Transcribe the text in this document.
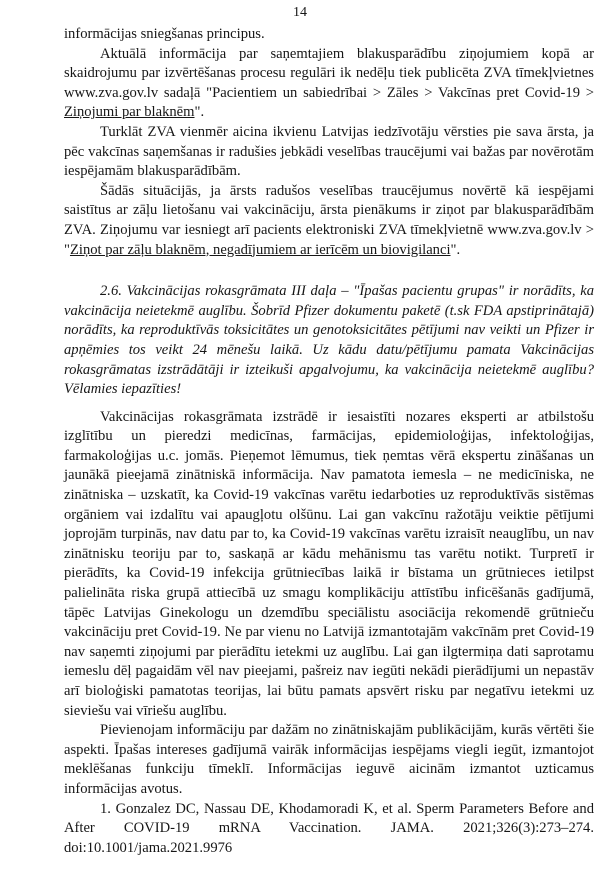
14

informācijas sniegšanas principus.

Aktuālā informācija par saņemtajiem blakusparādību ziņojumiem kopā ar skaidrojumu par izvērtēšanas procesu regulāri ik nedēļu tiek publicēta ZVA tīmekļvietnes www.zva.gov.lv sadaļā "Pacientiem un sabiedrībai > Zāles > Vakcīnas pret Covid-19 > Ziņojumi par blaknēm".

Turklāt ZVA vienmēr aicina ikvienu Latvijas iedzīvotāju vērsties pie sava ārsta, ja pēc vakcīnas saņemšanas ir radušies jebkādi veselības traucējumi vai bažas par novērotām iespējamām blakusparādībām.

Šādās situācijās, ja ārsts radušos veselības traucējumus novērtē kā iespējami saistītus ar zāļu lietošanu vai vakcināciju, ārsta pienākums ir ziņot par blakusparādībām ZVA. Ziņojumu var iesniegt arī pacients elektroniski ZVA tīmekļvietnē www.zva.gov.lv > "Ziņot par zāļu blaknēm, negadījumiem ar ierīcēm un biovigilanci".

2.6. Vakcinācijas rokasgrāmata III daļa – "Īpašas pacientu grupas" ir norādīts, ka vakcinācija neietekmē auglību. Šobrīd Pfizer dokumentu paketē (t.sk FDA apstiprinātajā) norādīts, ka reproduktīvās toksicitātes un genotoksicitātes pētījumi nav veikti un Pfizer ir apņēmies tos veikt 24 mēnešu laikā. Uz kādu datu/pētījumu pamata Vakcinācijas rokasgrāmatas izstrādātāji ir izteikuši apgalvojumu, ka vakcinācija neietekmē auglību? Vēlamies iepazīties!

Vakcinācijas rokasgrāmata izstrādē ir iesaistīti nozares eksperti ar atbilstošu izglītību un pieredzi medicīnas, farmācijas, epidemioloģijas, infektoloģijas, farmakoloģijas u.c. jomās. Pieņemot lēmumus, tiek ņemtas vērā ekspertu zināšanas un jaunākā pieejamā zinātniskā informācija. Nav pamatota iemesla – ne medicīniska, ne zinātniska – uzskatīt, ka Covid-19 vakcīnas varētu iedarboties uz reproduktīvās sistēmas orgāniem vai izdalītu vai apaugļotu olšūnu. Lai gan vakcīnu ražotāju veiktie pētījumi joprojām turpinās, nav datu par to, ka Covid-19 vakcīnas varētu izraisīt neauglību, un nav zinātnisku teoriju par to, saskaņā ar kādu mehānismu tas varētu notikt. Turpretī ir pierādīts, ka Covid-19 infekcija grūtniecības laikā ir bīstama un grūtnieces ietilpst palielināta riska grupā attiecībā uz smagu komplikāciju attīstību inficēšanās gadījumā, tāpēc Latvijas Ginekologu un dzemdību speciālistu asociācija rekomendē grūtnieču vakcināciju pret Covid-19. Ne par vienu no Latvijā izmantotajām vakcīnām pret Covid-19 nav saņemti ziņojumi par pierādītu ietekmi uz auglību. Lai gan ilgtermiņa dati saprotamu iemeslu dēļ pagaidām vēl nav pieejami, pašreiz nav iegūti nekādi pierādījumi un nepastāv arī bioloģiski pamatotas teorijas, lai būtu pamats apsvērt risku par negatīvu ietekmi uz sieviešu vai vīriešu auglību.

Pievienojam informāciju par dažām no zinātniskajām publikācijām, kurās vērtēti šie aspekti. Īpašas intereses gadījumā vairāk informācijas iespējams viegli iegūt, izmantojot meklēšanas funkciju tīmeklī. Informācijas ieguvē aicinām izmantot uzticamus informācijas avotus.

1. Gonzalez DC, Nassau DE, Khodamoradi K, et al. Sperm Parameters Before and After COVID-19 mRNA Vaccination. JAMA. 2021;326(3):273–274. doi:10.1001/jama.2021.9976
